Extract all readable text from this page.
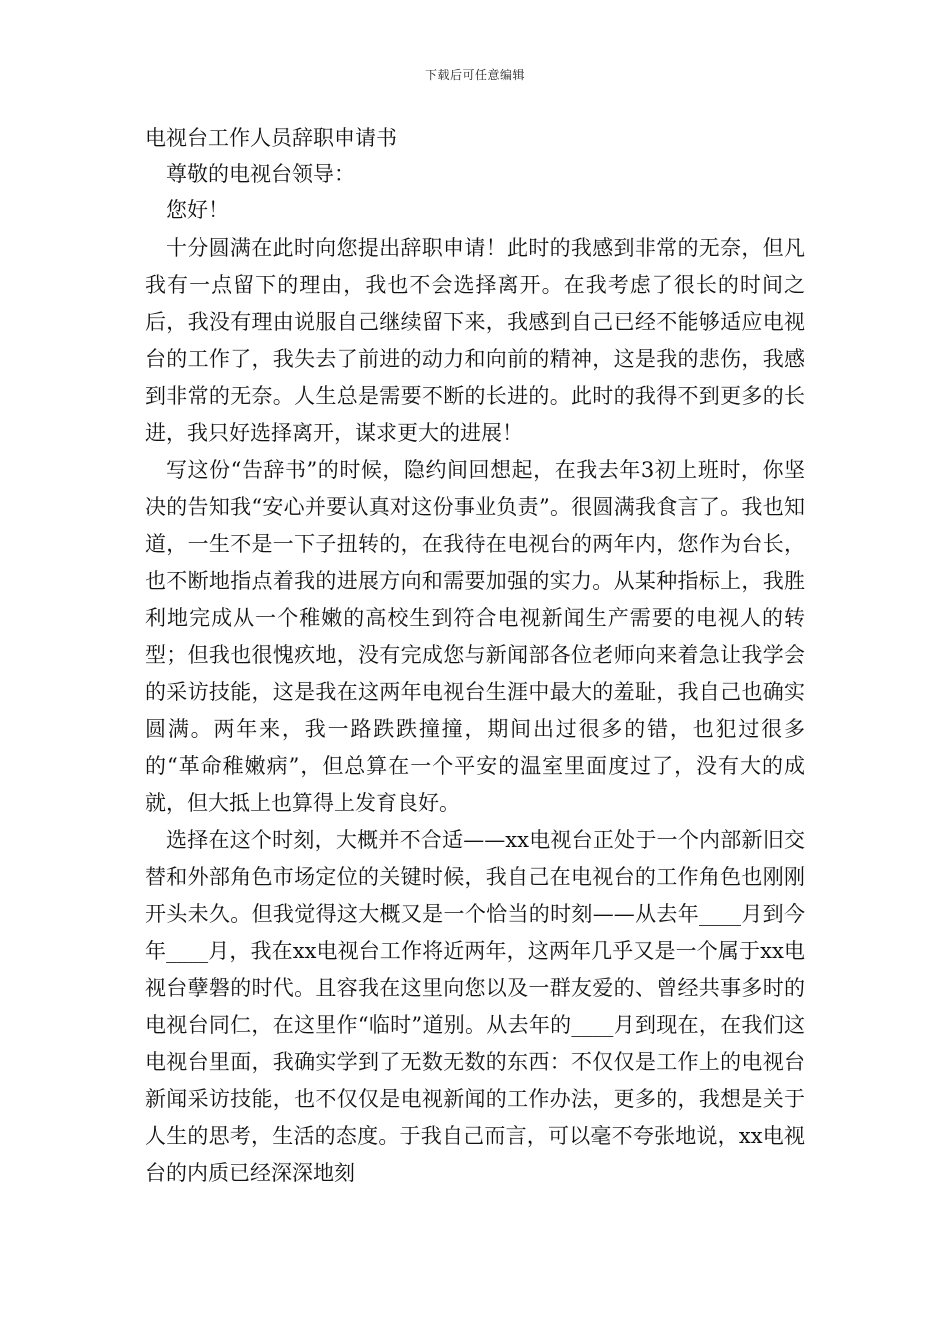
下载后可任意编辑
电视台工作人员辞职申请书

尊敬的电视台领导：

您好！

十分圆满在此时向您提出辞职申请！此时的我感到非常的无奈，但凡我有一点留下的理由，我也不会选择离开。在我考虑了很长的时间之后，我没有理由说服自己继续留下来，我感到自己已经不能够适应电视台的工作了，我失去了前进的动力和向前的精神，这是我的悲伤，我感到非常的无奈。人生总是需要不断的长进的。此时的我得不到更多的长进，我只好选择离开，谋求更大的进展！

写这份“告辞书”的时候，隐约间回想起，在我去年3初上班时，你坚决的告知我“安心并要认真对这份事业负责”。很圆满我食言了。我也知道，一生不是一下子扭转的，在我待在电视台的两年内，您作为台长，也不断地指点着我的进展方向和需要加强的实力。从某种指标上，我胜利地完成从一个稚嫩的高校生到符合电视新闻生产需要的电视人的转型；但我也很愧疚地，没有完成您与新闻部各位老师向来着急让我学会的采访技能，这是我在这两年电视台生涯中最大的羞耻，我自己也确实圆满。两年来，我一路跌跌撞撞，期间出过很多的错，也犯过很多的“革命稚嫩病”，但总算在一个平安的温室里面度过了，没有大的成就，但大抵上也算得上发育良好。

选择在这个时刻，大概并不合适——xx电视台正处于一个内部新旧交替和外部角色市场定位的关键时候，我自己在电视台的工作角色也刚刚开头未久。但我觉得这大概又是一个恰当的时刻——从去年____月到今年____月，我在xx电视台工作将近两年，这两年几乎又是一个属于xx电视台孽磐的时代。且容我在这里向您以及一群友爱的、曾经共事多时的电视台同仁，在这里作“临时”道别。从去年的____月到现在，在我们这电视台里面，我确实学到了无数无数的东西：不仅仅是工作上的电视台新闻采访技能，也不仅仅是电视新闻的工作办法，更多的，我想是关于人生的思考，生活的态度。于我自己而言，可以毫不夸张地说，xx电视台的内质已经深深地刻
